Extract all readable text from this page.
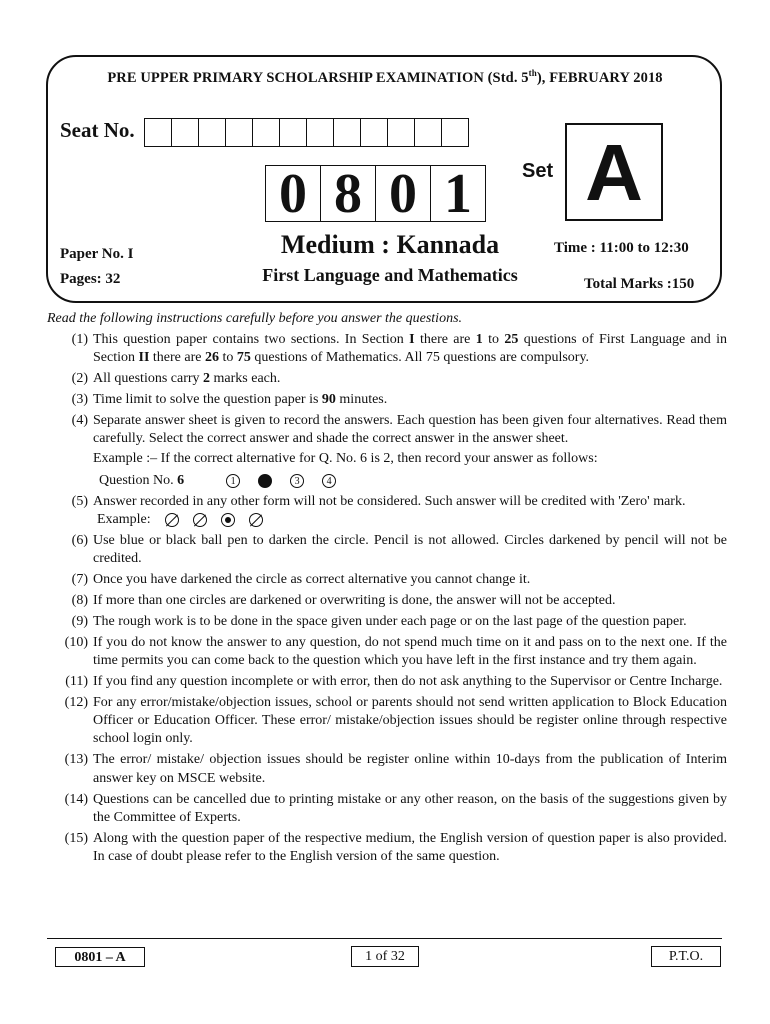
PRE UPPER PRIMARY SCHOLARSHIP EXAMINATION (Std. 5th), FEBRUARY 2018
Seat No.
0 8 0 1	Set A
Paper No. I
Pages: 32
Medium : Kannada
First Language and Mathematics
Time : 11:00 to 12:30
Total Marks :150
Read the following instructions carefully before you answer the questions.
(1) This question paper contains two sections. In Section I there are 1 to 25 questions of First Language and in Section II there are 26 to 75 questions of Mathematics. All 75 questions are compulsory.
(2) All questions carry 2 marks each.
(3) Time limit to solve the question paper is 90 minutes.
(4) Separate answer sheet is given to record the answers. Each question has been given four alternatives. Read them carefully. Select the correct answer and shade the correct answer in the answer sheet.
Example :– If the correct alternative for Q. No. 6 is 2, then record your answer as follows:
Question No.
6	1	3	4
(5) Answer recorded in any other form will not be considered. Such answer will be credited with 'Zero' mark.
Example:
(6) Use blue or black ball pen to darken the circle. Pencil is not allowed. Circles darkened by pencil will not be credited.
(7) Once you have darkened the circle as correct alternative you cannot change it.
(8) If more than one circles are darkened or overwriting is done, the answer will not be accepted.
(9) The rough work is to be done in the space given under each page or on the last page of the question paper.
(10) If you do not know the answer to any question, do not spend much time on it and pass on to the next one. If the time permits you can come back to the question which you have left in the first instance and try them again.
(11) If you find any question incomplete or with error, then do not ask anything to the Supervisor or Centre Incharge.
(12) For any error/mistake/objection issues, school or parents should not send written application to Block Education Officer or Education Officer. These error/ mistake/objection issues should be register online through respective school login only.
(13) The error/ mistake/ objection issues should be register online within 10-days from the publication of Interim answer key on MSCE website.
(14) Questions can be cancelled due to printing mistake or any other reason, on the basis of the suggestions given by the Committee of Experts.
(15) Along with the question paper of the respective medium, the English version of question paper is also provided. In case of doubt please refer to the English version of the same question.
0801 – A	1 of 32	P.T.O.
